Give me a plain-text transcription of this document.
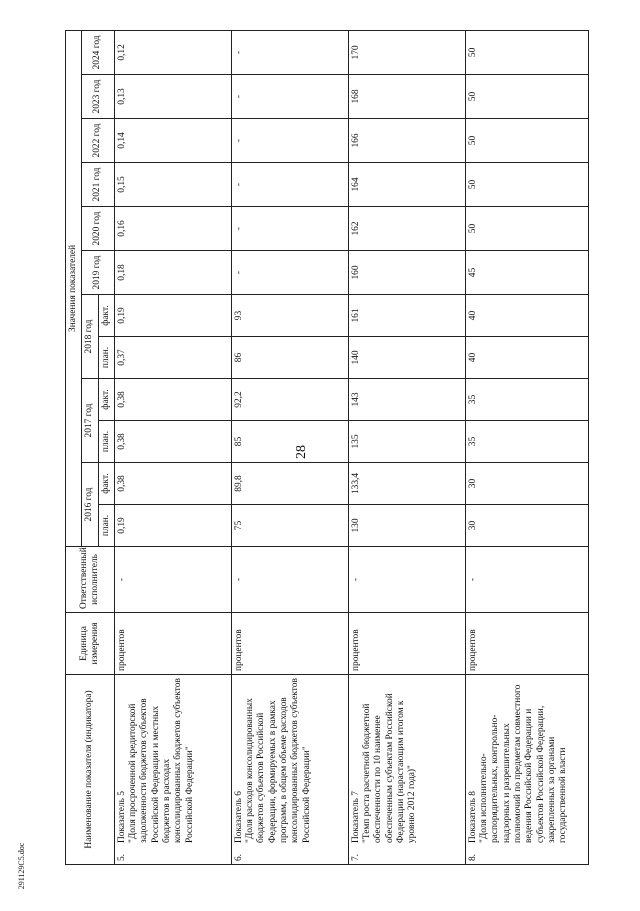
28
291129С5.doc
Наименование показателя (индикатора)	Единица измерения	Ответственный исполнитель	Значения показателей											
			2016 год		2017 год		2018 год		2019 год	2020 год	2021 год	2022 год	2023 год	2024 год
			план.	факт.	план.	факт.	план.	факт.						
5.Показатель 5 "Доля просроченной кредиторской задолженности бюджетов субъектов Российской Федерации и местных бюджетов в расходах консолидированных бюджетов субъектов Российской Федерации"	процентов	-	0,19	0,38	0,38	0,38	0,37	0,19	0,18	0,16	0,15	0,14	0,13	0,12
6.Показатель 6 "Доля расходов консолидированных бюджетов субъектов Российской Федерации, формируемых в рамках программ, в общем объеме расходов консолидированных бюджетов субъектов Российской Федерации"	процентов	-	75	89,8	85	92,2	86	93	-	-	-	-	-	-
7.Показатель 7 "Темп роста расчетной бюджетной обеспеченности по 10 наименее обеспеченным субъектам Российской Федерации (нарастающим итогом к уровню 2012 года)"	процентов	-	130	133,4	135	143	140	161	160	162	164	166	168	170
8.Показатель 8 "Доля исполнительно-распорядительных, контрольно-надзорных и разрешительных полномочий по предметам совместного ведения Российской Федерации и субъектов Российской Федерации, закрепленных за органами государственной власти	процентов	-	30	30	35	35	40	40	45	50	50	50	50	50
